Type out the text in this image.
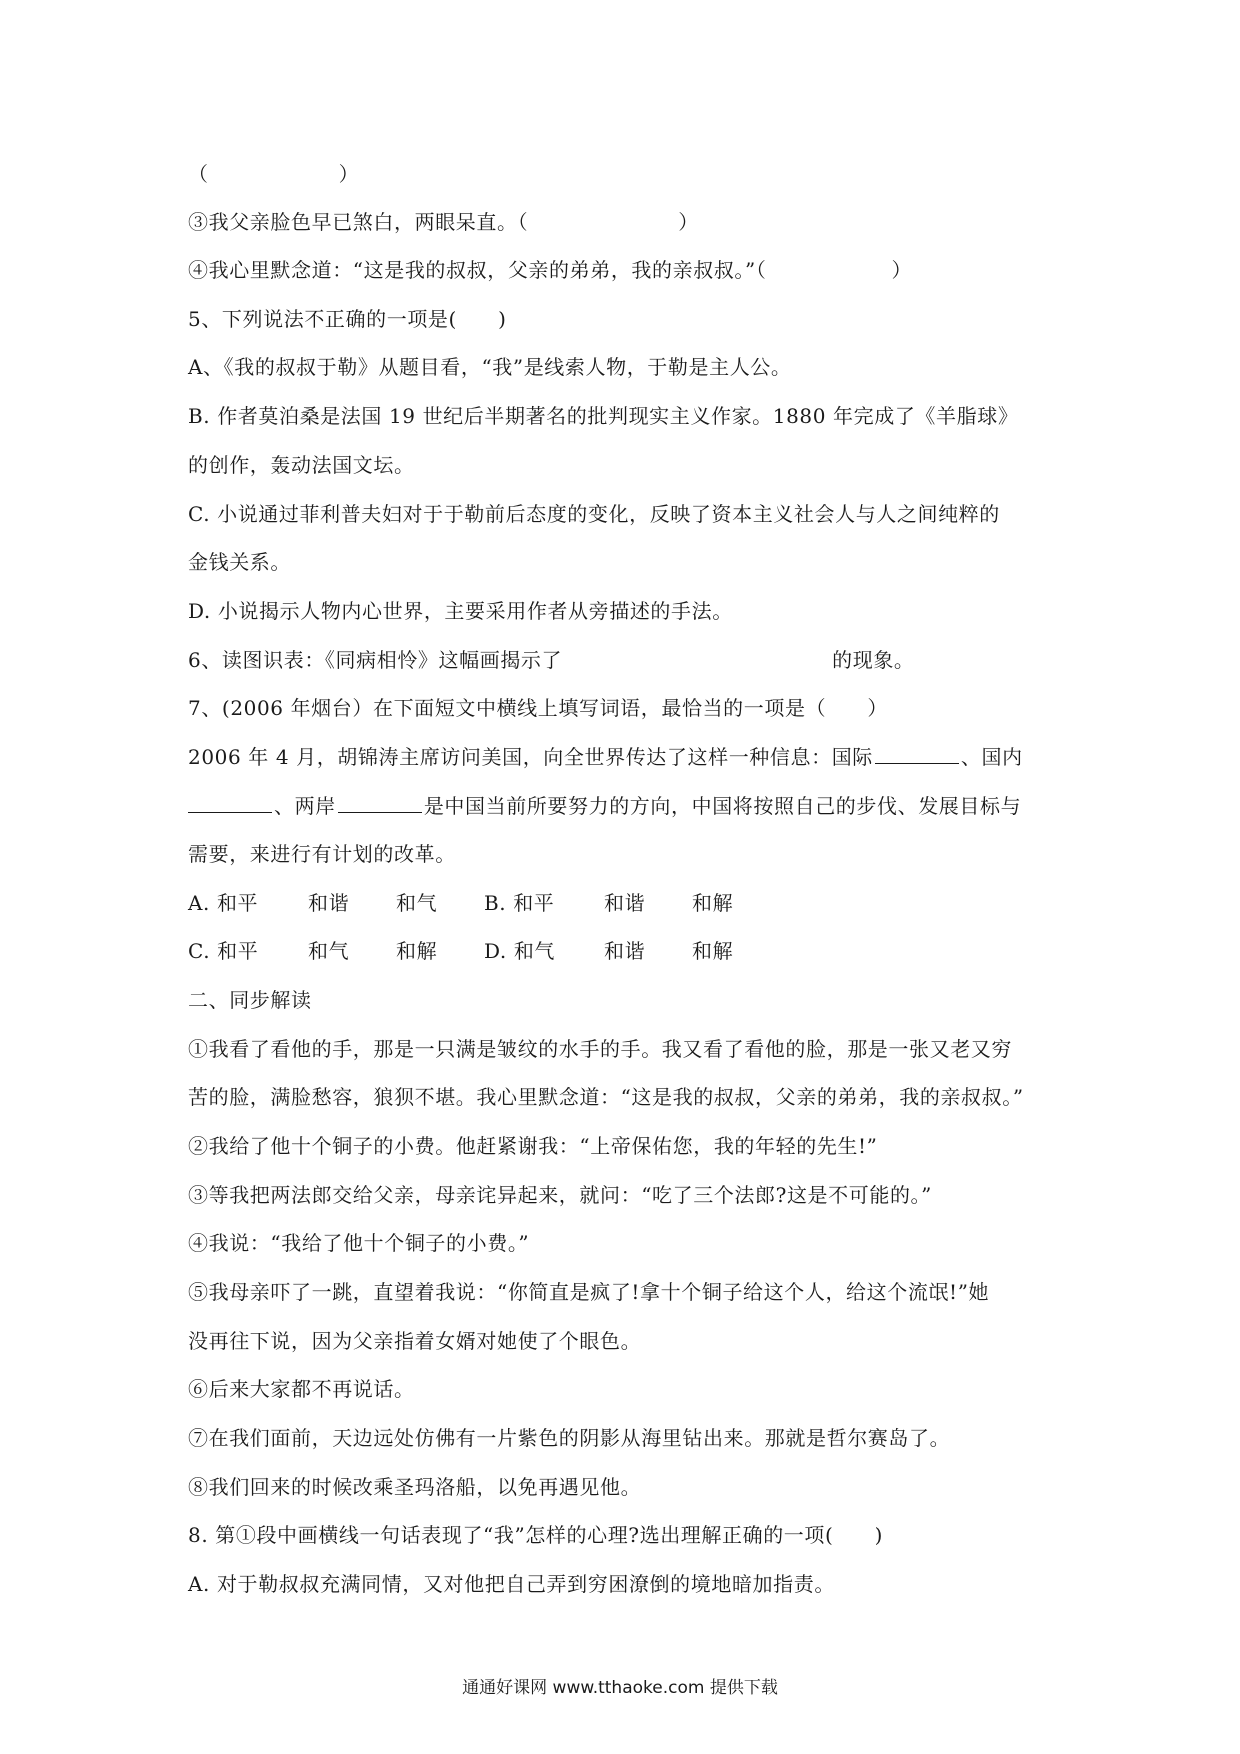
（	）
③我父亲脸色早已煞白，两眼呆直。（	）
④我心里默念道：“这是我的叔叔，父亲的弟弟，我的亲叔叔。”（	）
5、下列说法不正确的一项是(　　)
A、《我的叔叔于勒》从题目看，“我”是线索人物，于勒是主人公。
B. 作者莫泊桑是法国 19 世纪后半期著名的批判现实主义作家。1880 年完成了《羊脂球》
的创作，轰动法国文坛。
C. 小说通过菲利普夫妇对于于勒前后态度的变化，反映了资本主义社会人与人之间纯粹的
金钱关系。
D. 小说揭示人物内心世界，主要采用作者从旁描述的手法。
6、读图识表：《同病相怜》这幅画揭示了	的现象。
7、(2006 年烟台）在下面短文中横线上填写词语，最恰当的一项是（　　）
2006 年 4 月，胡锦涛主席访问美国，向全世界传达了这样一种信息：国际	、国内
、两岸	是中国当前所要努力的方向，中国将按照自己的步伐、发展目标与
需要，来进行有计划的改革。
A. 和平 和谐 和气 B. 和平 和谐 和解
C. 和平 和气 和解 D. 和气 和谐 和解
二、同步解读
①我看了看他的手，那是一只满是皱纹的水手的手。我又看了看他的脸，那是一张又老又穷
苦的脸，满脸愁容，狼狈不堪。我心里默念道：“这是我的叔叔，父亲的弟弟，我的亲叔叔。”
②我给了他十个铜子的小费。他赶紧谢我：“上帝保佑您，我的年轻的先生!”
③等我把两法郎交给父亲，母亲诧异起来，就问：“吃了三个法郎?这是不可能的。”
④我说：“我给了他十个铜子的小费。”
⑤我母亲吓了一跳，直望着我说：“你简直是疯了!拿十个铜子给这个人，给这个流氓!”她
没再往下说，因为父亲指着女婿对她使了个眼色。
⑥后来大家都不再说话。
⑦在我们面前，天边远处仿佛有一片紫色的阴影从海里钻出来。那就是哲尔赛岛了。
⑧我们回来的时候改乘圣玛洛船，以免再遇见他。
8. 第①段中画横线一句话表现了“我”怎样的心理?选出理解正确的一项(　　)
A. 对于勒叔叔充满同情，又对他把自己弄到穷困潦倒的境地暗加指责。
通通好课网 www.tthaoke.com 提供下载
